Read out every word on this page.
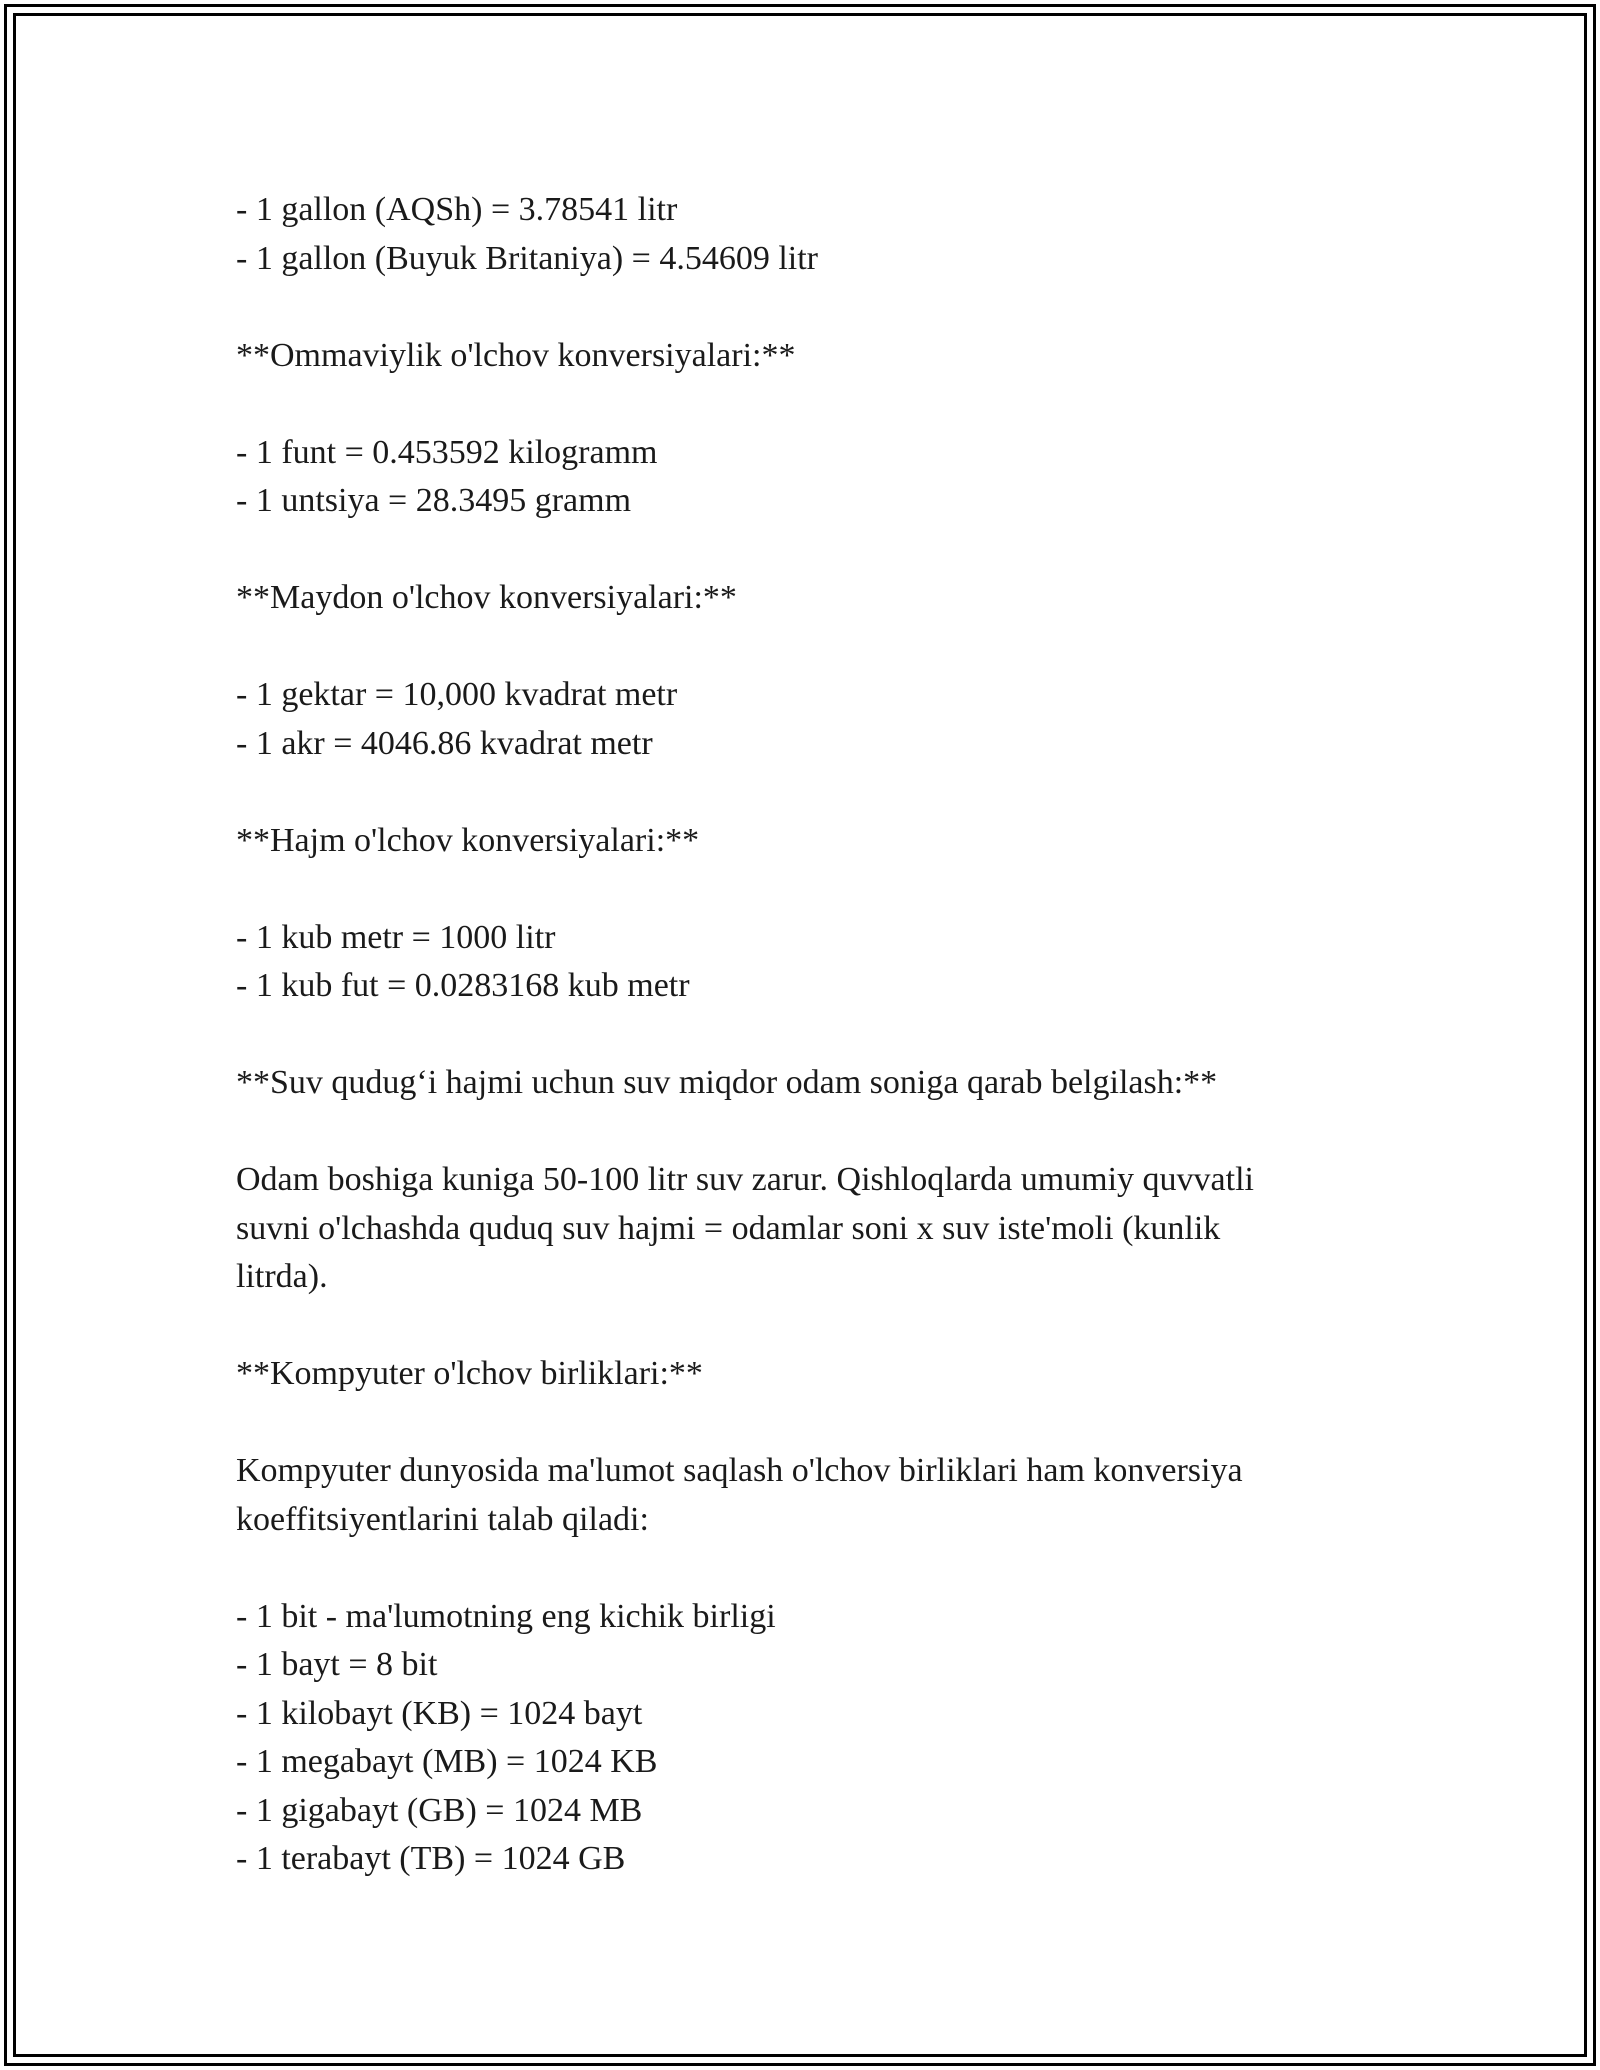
- 1 gallon (AQSh) = 3.78541 litr
- 1 gallon (Buyuk Britaniya) = 4.54609 litr
**Ommaviylik o'lchov konversiyalari:**
- 1 funt = 0.453592 kilogramm
- 1 untsiya = 28.3495 gramm
**Maydon o'lchov konversiyalari:**
- 1 gektar = 10,000 kvadrat metr
- 1 akr = 4046.86 kvadrat metr
**Hajm o'lchov konversiyalari:**
- 1 kub metr = 1000 litr
- 1 kub fut = 0.0283168 kub metr
**Suv qudug‘i hajmi uchun suv miqdor odam soniga qarab belgilash:**
Odam boshiga kuniga 50-100 litr suv zarur. Qishloqlarda umumiy quvvatli
suvni o'lchashda quduq suv hajmi = odamlar soni x suv iste'moli (kunlik
litrda).
**Kompyuter o'lchov birliklari:**
Kompyuter dunyosida ma'lumot saqlash o'lchov birliklari ham konversiya
koeffitsiyentlarini talab qiladi:
- 1 bit - ma'lumotning eng kichik birligi
- 1 bayt = 8 bit
- 1 kilobayt (KB) = 1024 bayt
- 1 megabayt (MB) = 1024 KB
- 1 gigabayt (GB) = 1024 MB
- 1 terabayt (TB) = 1024 GB
